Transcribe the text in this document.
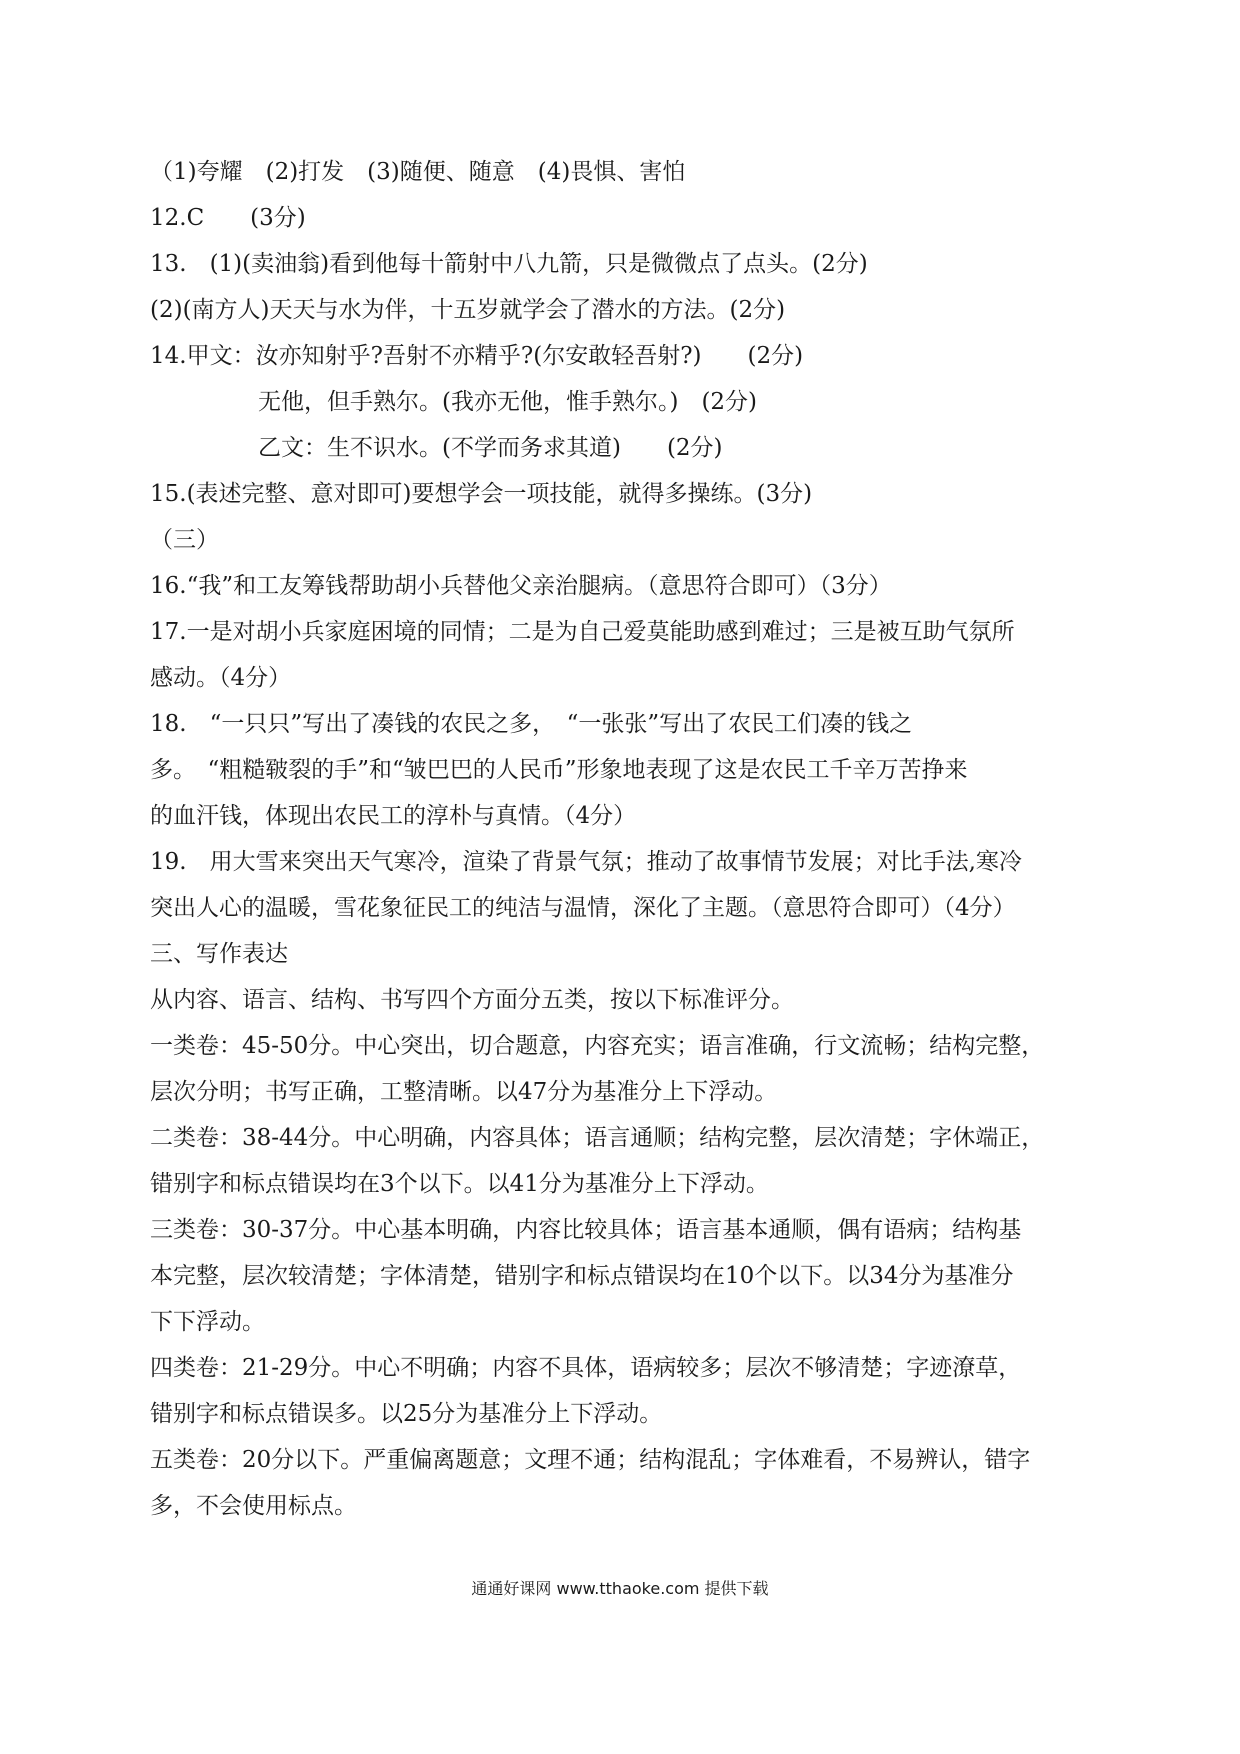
（1)夸耀　(2)打发　(3)随便、随意　(4)畏惧、害怕
12.C　　(3分)
13.　(1)(卖油翁)看到他每十箭射中八九箭，只是微微点了点头。(2分)
(2)(南方人)天天与水为伴，十五岁就学会了潜水的方法。(2分)
14.甲文：汝亦知射乎?吾射不亦精乎?(尔安敢轻吾射?)　　(2分)
无他，但手熟尔。(我亦无他，惟手熟尔。)　(2分)
乙文：生不识水。(不学而务求其道)　　(2分)
15.(表述完整、意对即可)要想学会一项技能，就得多操练。(3分)
（三）
16.“我”和工友筹钱帮助胡小兵替他父亲治腿病。（意思符合即可）（3分）
17.一是对胡小兵家庭困境的同情；二是为自己爱莫能助感到难过；三是被互助气氛所
感动。（4分）
18.　“一只只”写出了凑钱的农民之多，　“一张张”写出了农民工们凑的钱之
多。　“粗糙皲裂的手”和“皱巴巴的人民币”形象地表现了这是农民工千辛万苦挣来
的血汗钱，体现出农民工的淳朴与真情。（4分）
19.　用大雪来突出天气寒冷，渲染了背景气氛；推动了故事情节发展；对比手法,寒冷
突出人心的温暖，雪花象征民工的纯洁与温情，深化了主题。（意思符合即可）（4分）
三、写作表达
从内容、语言、结构、书写四个方面分五类，按以下标准评分。
一类卷：45-50分。中心突出，切合题意，内容充实；语言准确，行文流畅；结构完整，
层次分明；书写正确，工整清晰。以47分为基准分上下浮动。
二类卷：38-44分。中心明确，内容具体；语言通顺；结构完整，层次清楚；字休端正，
错别字和标点错误均在3个以下。以41分为基准分上下浮动。
三类卷：30-37分。中心基本明确，内容比较具体；语言基本通顺，偶有语病；结构基
本完整，层次较清楚；字体清楚，错别字和标点错误均在10个以下。以34分为基准分
下下浮动。
四类卷：21-29分。中心不明确；内容不具体，语病较多；层次不够清楚；字迹潦草，
错别字和标点错误多。以25分为基准分上下浮动。
五类卷：20分以下。严重偏离题意；文理不通；结构混乱；字体难看，不易辨认，错字
多，不会使用标点。
通通好课网 www.tthaoke.com 提供下载
